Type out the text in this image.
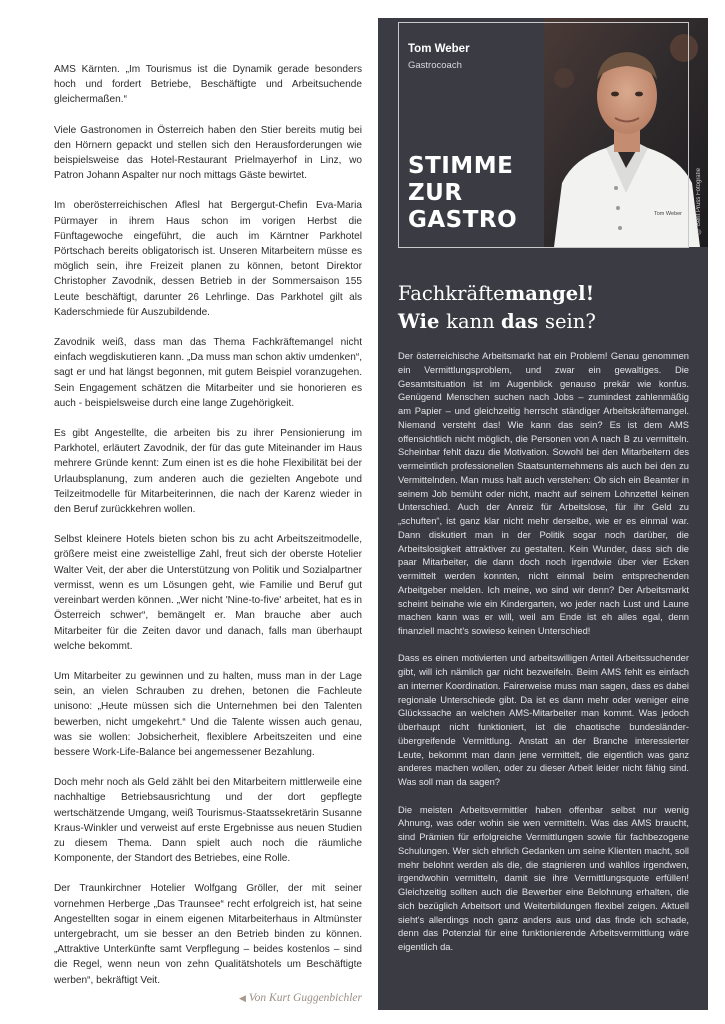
AMS Kärnten. „Im Tourismus ist die Dynamik gerade besonders hoch und fordert Betriebe, Beschäftigte und Arbeitsuchende gleichermaßen.“

Viele Gastronomen in Österreich haben den Stier bereits mutig bei den Hörnern gepackt und stellen sich den Herausforderungen wie beispielsweise das Hotel-Restaurant Prielmayerhof in Linz, wo Patron Johann Aspalter nur noch mittags Gäste bewirtet.

Im oberösterreichischen Aflesl hat Bergergut-Chefin Eva-Maria Pürmayer in ihrem Haus schon im vorigen Herbst die Fünftagewoche eingeführt, die auch im Kärntner Parkhotel Pörtschach bereits obligatorisch ist. Unseren Mitarbeitern müsse es möglich sein, ihre Freizeit planen zu können, betont Direktor Christopher Zavodnik, dessen Betrieb in der Sommersaison 155 Leute beschäftigt, darunter 26 Lehrlinge. Das Parkhotel gilt als Kaderschmiede für Auszubildende.

Zavodnik weiß, dass man das Thema Fachkräftemangel nicht einfach wegdiskutieren kann. „Da muss man schon aktiv umdenken“, sagt er und hat längst begonnen, mit gutem Beispiel voranzugehen. Sein Engagement schätzen die Mitarbeiter und sie honorieren es auch - beispielsweise durch eine lange Zugehörigkeit.

Es gibt Angestellte, die arbeiten bis zu ihrer Pensionierung im Parkhotel, erläutert Zavodnik, der für das gute Miteinander im Haus mehrere Gründe kennt: Zum einen ist es die hohe Flexibilität bei der Urlaubsplanung, zum anderen auch die gezielten Angebote und Teilzeitmodelle für Mitarbeiterinnen, die nach der Karenz wieder in den Beruf zurückkehren wollen.

Selbst kleinere Hotels bieten schon bis zu acht Arbeitszeitmodelle, größere meist eine zweistellige Zahl, freut sich der oberste Hotelier Walter Veit, der aber die Unterstützung von Politik und Sozialpartner vermisst, wenn es um Lösungen geht, wie Familie und Beruf gut vereinbart werden können. „Wer nicht 'Nine-to-five' arbeitet, hat es in Österreich schwer“, bemängelt er. Man brauche aber auch Mitarbeiter für die Zeiten davor und danach, falls man überhaupt welche bekommt.

Um Mitarbeiter zu gewinnen und zu halten, muss man in der Lage sein, an vielen Schrauben zu drehen, betonen die Fachleute unisono: „Heute müssen sich die Unternehmen bei den Talenten bewerben, nicht umgekehrt.“ Und die Talente wissen auch genau, was sie wollen: Jobsicherheit, flexiblere Arbeitszeiten und eine bessere Work-Life-Balance bei angemessener Bezahlung.

Doch mehr noch als Geld zählt bei den Mitarbeitern mittlerweile eine nachhaltige Betriebsausrichtung und der dort gepflegte wertschätzende Umgang, weiß Tourismus-Staatssekretärin Susanne Kraus-Winkler und verweist auf erste Ergebnisse aus neuen Studien zu diesem Thema. Dann spielt auch noch die räumliche Komponente, der Standort des Betriebes, eine Rolle.

Der Traunkirchner Hotelier Wolfgang Gröller, der mit seiner vornehmen Herberge „Das Traunsee“ recht erfolgreich ist, hat seine Angestellten sogar in einem eigenen Mitarbeiterhaus in Altmünster untergebracht, um sie besser an den Betrieb binden zu können. „Attraktive Unterkünfte samt Verpflegung – beides kostenlos – sind die Regel, wenn neun von zehn Qualitätshotels um Beschäftigte werben“, bekräftigt Veit.

◀ Von Kurt Guggenbichler
Tom Weber © Berit Pruss Fotografie
Tom Weber
Gastrocoach
STIMME
ZUR
GASTRO
Fachkräftemangel!
Wie kann das sein?

Der österreichische Arbeitsmarkt hat ein Problem! Genau genommen ein Vermittlungsproblem, und zwar ein gewaltiges. Die Gesamtsituation ist im Augenblick genauso prekär wie konfus. Genügend Menschen suchen nach Jobs – zumindest zahlenmäßig am Papier – und gleichzeitig herrscht ständiger Arbeitskräftemangel. Niemand versteht das! Wie kann das sein? Es ist dem AMS offensichtlich nicht möglich, die Personen von A nach B zu vermitteln. Scheinbar fehlt dazu die Motivation. Sowohl bei den Mitarbeitern des vermeintlich professionellen Staatsunternehmens als auch bei den zu Vermittelnden. Man muss halt auch verstehen: Ob sich ein Beamter in seinem Job bemüht oder nicht, macht auf seinem Lohnzettel keinen Unterschied. Auch der Anreiz für Arbeitslose, für ihr Geld zu „schuften“, ist ganz klar nicht mehr derselbe, wie er es einmal war. Dann diskutiert man in der Politik sogar noch darüber, die Arbeitslosigkeit attraktiver zu gestalten. Kein Wunder, dass sich die paar Mitarbeiter, die dann doch noch irgendwie über vier Ecken vermittelt werden konnten, nicht einmal beim entsprechenden Arbeitgeber melden. Ich meine, wo sind wir denn? Der Arbeitsmarkt scheint beinahe wie ein Kindergarten, wo jeder nach Lust und Laune machen kann was er will, weil am Ende ist eh alles egal, denn finanziell macht's sowieso keinen Unterschied!

Dass es einen motivierten und arbeitswilligen Anteil Arbeitssuchender gibt, will ich nämlich gar nicht bezweifeln. Beim AMS fehlt es einfach an interner Koordination. Fairerweise muss man sagen, dass es dabei regionale Unterschiede gibt. Da ist es dann mehr oder weniger eine Glückssache an welchen AMS-Mitarbeiter man kommt. Was jedoch überhaupt nicht funktioniert, ist die chaotische bundesländer-übergreifende Vermittlung. Anstatt an der Branche interessierter Leute, bekommt man dann jene vermittelt, die eigentlich was ganz anderes machen wollen, oder zu dieser Arbeit leider nicht fähig sind. Was soll man da sagen?

Die meisten Arbeitsvermittler haben offenbar selbst nur wenig Ahnung, was oder wohin sie wen vermitteln. Was das AMS braucht, sind Prämien für erfolgreiche Vermittlungen sowie für fachbezogene Schulungen. Wer sich ehrlich Gedanken um seine Klienten macht, soll mehr belohnt werden als die, die stagnieren und wahllos irgendwen, irgendwohin vermitteln, damit sie ihre Vermittlungsquote erfüllen! Gleichzeitig sollten auch die Bewerber eine Belohnung erhalten, die sich bezüglich Arbeitsort und Weiterbildungen flexibel zeigen. Aktuell sieht's allerdings noch ganz anders aus und das finde ich schade, denn das Potenzial für eine funktionierende Arbeitsvermittlung wäre eigentlich da.
